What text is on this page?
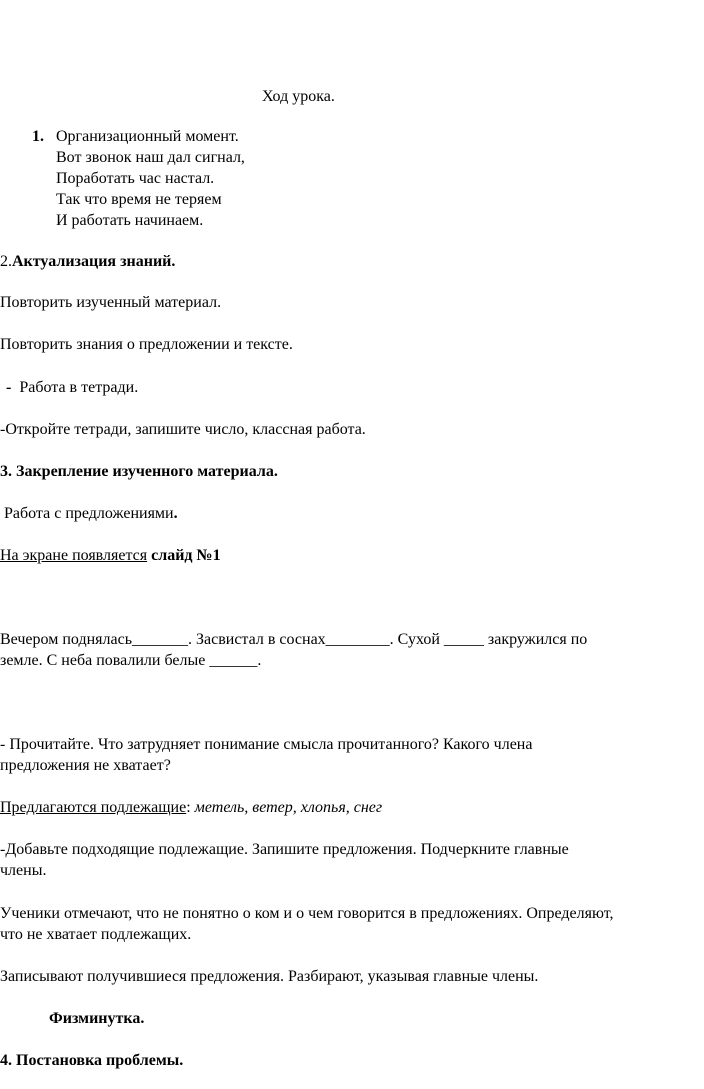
Ход урока.
1. Организационный момент.
Вот звонок наш дал сигнал,
Поработать час настал.
Так что время не теряем
И работать начинаем.
2.Актуализация знаний.
Повторить изученный материал.
Повторить знания о предложении и тексте.
- Работа в тетради.
-Откройте тетради, запишите число, классная работа.
3. Закрепление изученного материала.
Работа с предложениями.
На экране появляется слайд №1
Вечером поднялась_______. Засвистал в соснах________. Сухой _____ закружился по
земле. С неба повалили белые ______.
- Прочитайте. Что затрудняет понимание смысла прочитанного? Какого члена
предложения не хватает?
Предлагаются подлежащие: метель, ветер, хлопья, снег
-Добавьте подходящие подлежащие. Запишите предложения. Подчеркните главные
члены.
Ученики отмечают, что не понятно о ком и о чем говорится в предложениях. Определяют,
что не хватает подлежащих.
Записывают получившиеся предложения. Разбирают, указывая главные члены.
Физминутка.
4. Постановка проблемы.
